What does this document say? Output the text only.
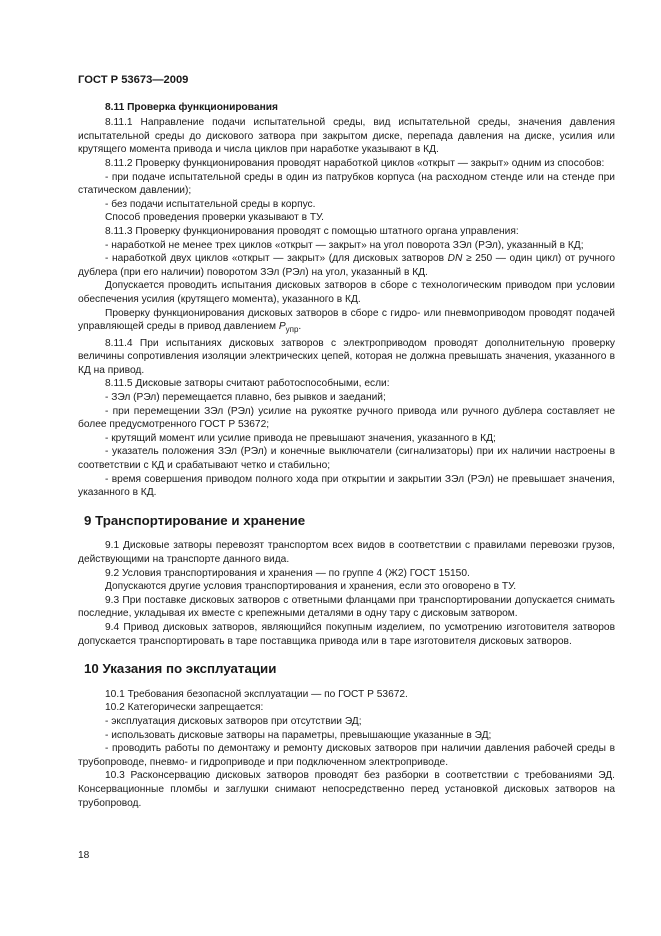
ГОСТ Р 53673—2009
8.11 Проверка функционирования

8.11.1 Направление подачи испытательной среды, вид испытательной среды, значения давления испытательной среды до дискового затвора при закрытом диске, перепада давления на диске, усилия или крутящего момента привода и числа циклов при наработке указывают в КД.

8.11.2 Проверку функционирования проводят наработкой циклов «открыт — закрыт» одним из способов:

- при подаче испытательной среды в один из патрубков корпуса (на расходном стенде или на стенде при статическом давлении);

- без подачи испытательной среды в корпус.

Способ проведения проверки указывают в ТУ.

8.11.3 Проверку функционирования проводят с помощью штатного органа управления:

- наработкой не менее трех циклов «открыт — закрыт» на угол поворота ЗЭл (РЭл), указанный в КД;

- наработкой двух циклов «открыт — закрыт» (для дисковых затворов DN ≥ 250 — один цикл) от ручного дублера (при его наличии) поворотом ЗЭл (РЭл) на угол, указанный в КД.

Допускается проводить испытания дисковых затворов в сборе с технологическим приводом при условии обеспечения усилия (крутящего момента), указанного в КД.

Проверку функционирования дисковых затворов в сборе с гидро- или пневмоприводом проводят подачей управляющей среды в привод давлением $P_{упр}$.

8.11.4 При испытаниях дисковых затворов с электроприводом проводят дополнительную проверку величины сопротивления изоляции электрических цепей, которая не должна превышать значения, указанного в КД на привод.

8.11.5 Дисковые затворы считают работоспособными, если:

- ЗЭл (РЭл) перемещается плавно, без рывков и заеданий;

- при перемещении ЗЭл (РЭл) усилие на рукоятке ручного привода или ручного дублера составляет не более предусмотренного ГОСТ Р 53672;

- крутящий момент или усилие привода не превышают значения, указанного в КД;

- указатель положения ЗЭл (РЭл) и конечные выключатели (сигнализаторы) при их наличии настроены в соответствии с КД и срабатывают четко и стабильно;

- время совершения приводом полного хода при открытии и закрытии ЗЭл (РЭл) не превышает значения, указанного в КД.

9 Транспортирование и хранение

9.1 Дисковые затворы перевозят транспортом всех видов в соответствии с правилами перевозки грузов, действующими на транспорте данного вида.

9.2 Условия транспортирования и хранения — по группе 4 (Ж2) ГОСТ 15150.

Допускаются другие условия транспортирования и хранения, если это оговорено в ТУ.

9.3 При поставке дисковых затворов с ответными фланцами при транспортировании допускается снимать последние, укладывая их вместе с крепежными деталями в одну тару с дисковым затвором.

9.4 Привод дисковых затворов, являющийся покупным изделием, по усмотрению изготовителя затворов допускается транспортировать в таре поставщика привода или в таре изготовителя дисковых затворов.

10 Указания по эксплуатации

10.1 Требования безопасной эксплуатации — по ГОСТ Р 53672.

10.2 Категорически запрещается:

- эксплуатация дисковых затворов при отсутствии ЭД;

- использовать дисковые затворы на параметры, превышающие указанные в ЭД;

- проводить работы по демонтажу и ремонту дисковых затворов при наличии давления рабочей среды в трубопроводе, пневмо- и гидроприводе и при подключенном электроприводе.

10.3 Расконсервацию дисковых затворов проводят без разборки в соответствии с требованиями ЭД. Консервационные пломбы и заглушки снимают непосредственно перед установкой дисковых затворов на трубопровод.

18
